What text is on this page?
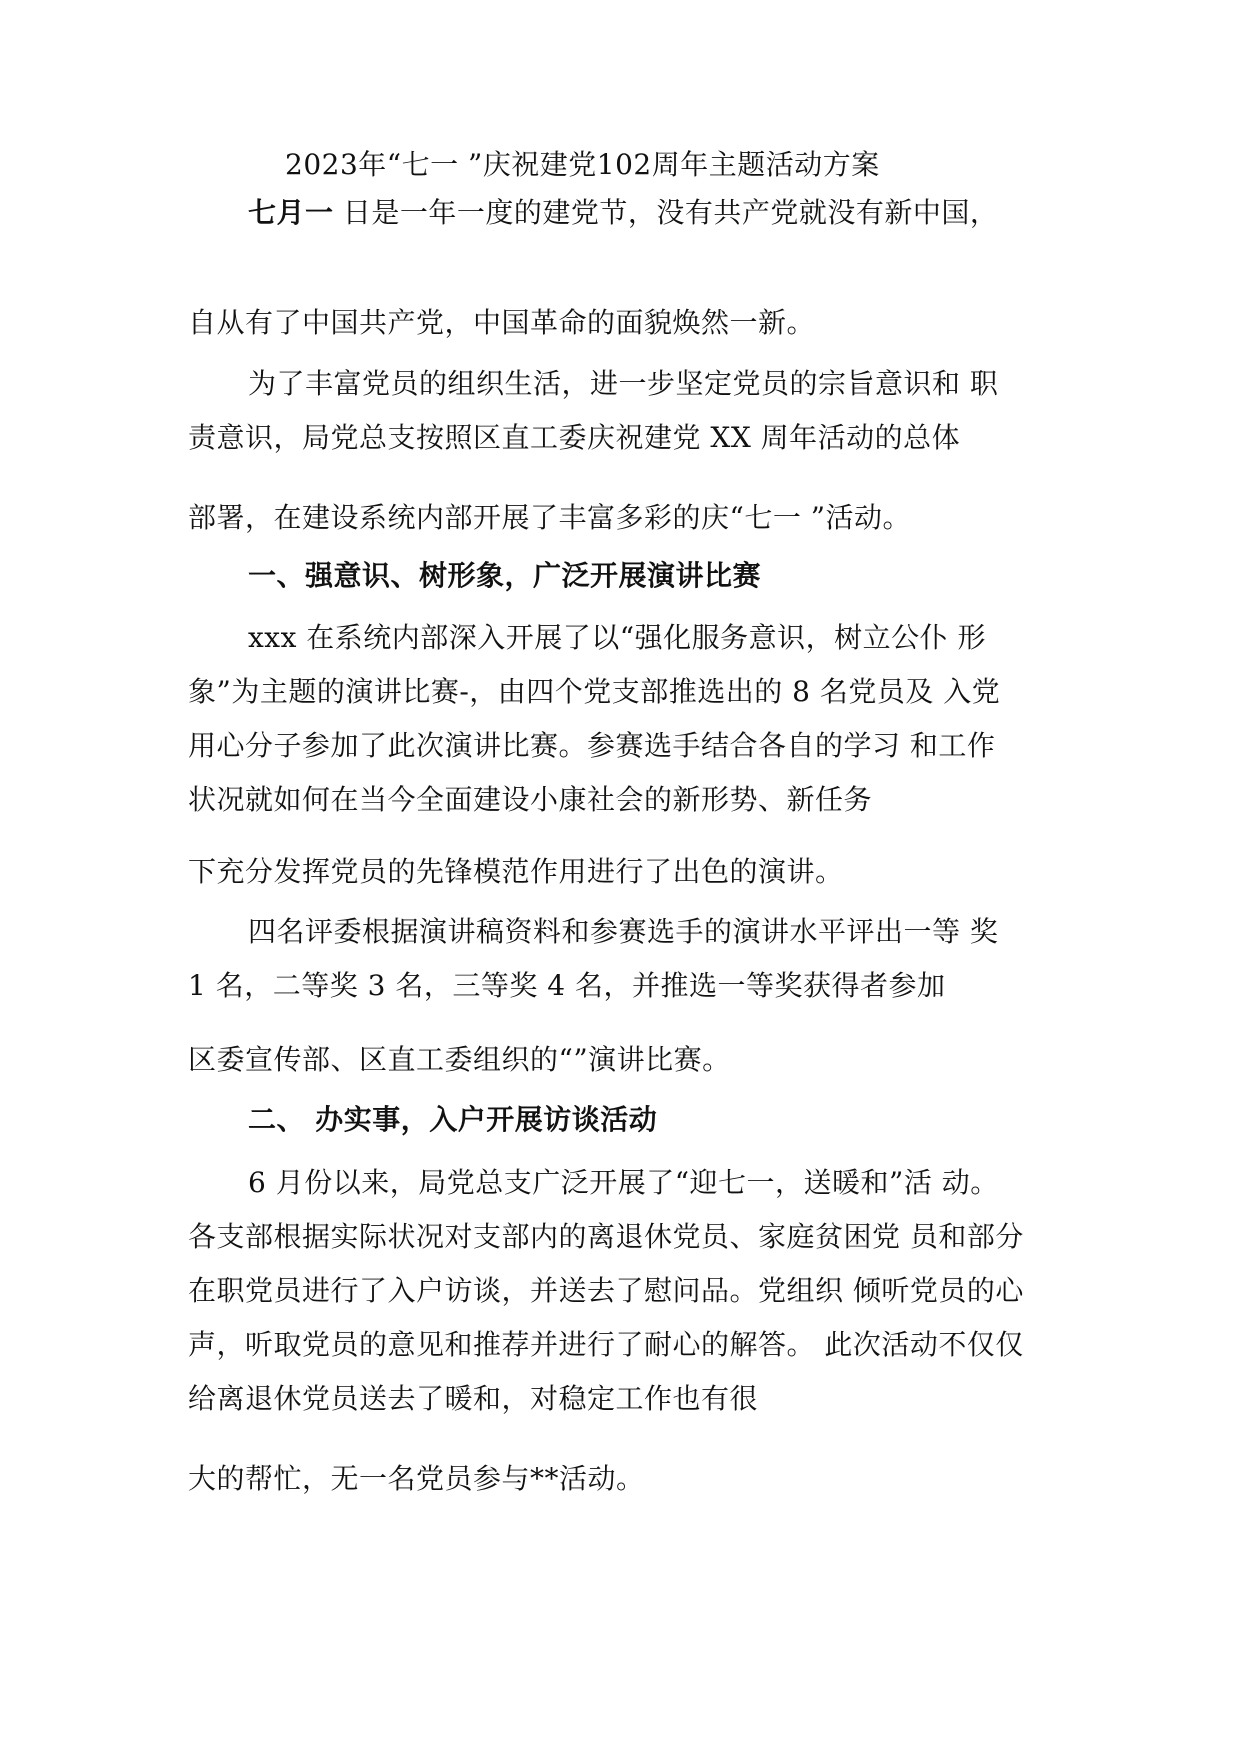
2023年“七一 ”庆祝建党102周年主题活动方案
七月一 日是一年一度的建党节，没有共产党就没有新中国，
自从有了中国共产党，中国革命的面貌焕然一新。
为了丰富党员的组织生活，进一步坚定党员的宗旨意识和 职
责意识，局党总支按照区直工委庆祝建党 XX 周年活动的总体
部署，在建设系统内部开展了丰富多彩的庆“七一 ”活动。
一、强意识、树形象，广泛开展演讲比赛
xxx 在系统内部深入开展了以“强化服务意识，树立公仆 形
象”为主题的演讲比赛-，由四个党支部推选出的 8 名党员及 入党
用心分子参加了此次演讲比赛。参赛选手结合各自的学习 和工作
状况就如何在当今全面建设小康社会的新形势、新任务
下充分发挥党员的先锋模范作用进行了出色的演讲。
四名评委根据演讲稿资料和参赛选手的演讲水平评出一等 奖
1 名，二等奖 3 名，三等奖 4 名，并推选一等奖获得者参加
区委宣传部、区直工委组织的“”演讲比赛。
二、 办实事，入户开展访谈活动
6 月份以来，局党总支广泛开展了“迎七一，送暖和”活 动。
各支部根据实际状况对支部内的离退休党员、家庭贫困党 员和部分
在职党员进行了入户访谈，并送去了慰问品。党组织 倾听党员的心
声，听取党员的意见和推荐并进行了耐心的解答。 此次活动不仅仅
给离退休党员送去了暖和，对稳定工作也有很
大的帮忙，无一名党员参与**活动。
